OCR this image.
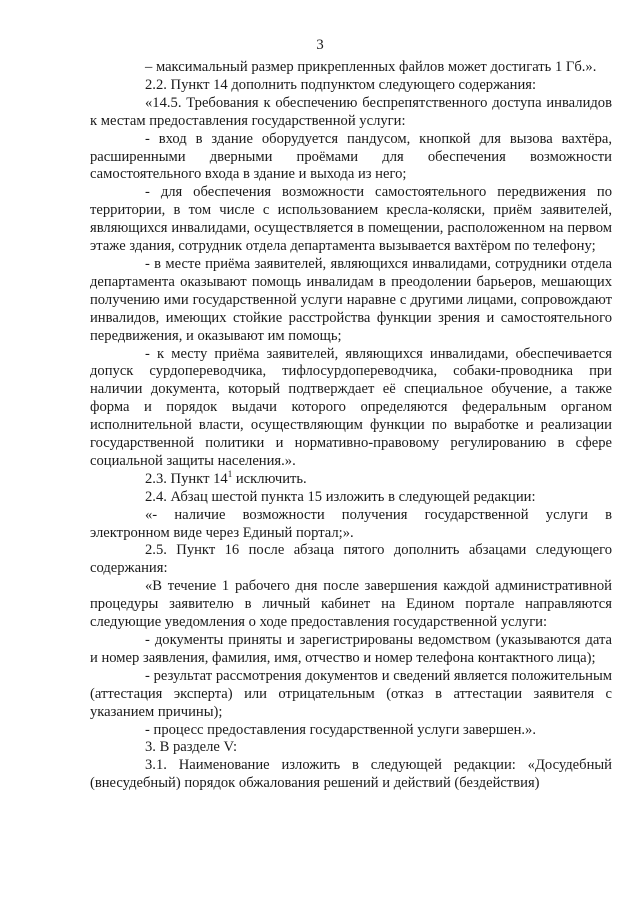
3

– максимальный размер прикрепленных файлов может достигать 1 Гб.».

2.2. Пункт 14 дополнить подпунктом следующего содержания:

«14.5. Требования к обеспечению беспрепятственного доступа инвалидов к местам предоставления государственной услуги:

- вход в здание оборудуется пандусом, кнопкой для вызова вахтёра, расширенными дверными проёмами для обеспечения возможности самостоятельного входа в здание и выхода из него;

- для обеспечения возможности самостоятельного передвижения по территории, в том числе с использованием кресла-коляски, приём заявителей, являющихся инвалидами, осуществляется в помещении, расположенном на первом этаже здания, сотрудник отдела департамента вызывается вахтёром по телефону;

- в месте приёма заявителей, являющихся инвалидами, сотрудники отдела департамента оказывают помощь инвалидам в преодолении барьеров, мешающих получению ими государственной услуги наравне с другими лицами, сопровождают инвалидов, имеющих стойкие расстройства функции зрения и самостоятельного передвижения, и оказывают им помощь;

- к месту приёма заявителей, являющихся инвалидами, обеспечивается допуск сурдопереводчика, тифлосурдопереводчика, собаки-проводника при наличии документа, который подтверждает её специальное обучение, а также форма и порядок выдачи которого определяются федеральным органом исполнительной власти, осуществляющим функции по выработке и реализации государственной политики и нормативно-правовому регулированию в сфере социальной защиты населения.».

2.3. Пункт $14^1$ исключить.

2.4. Абзац шестой пункта 15 изложить в следующей редакции:

«- наличие возможности получения государственной услуги в электронном виде через Единый портал;».

2.5. Пункт 16 после абзаца пятого дополнить абзацами следующего содержания:

«В течение 1 рабочего дня после завершения каждой административной процедуры заявителю в личный кабинет на Едином портале направляются следующие уведомления о ходе предоставления государственной услуги:

- документы приняты и зарегистрированы ведомством (указываются дата и номер заявления, фамилия, имя, отчество и номер телефона контактного лица);

- результат рассмотрения документов и сведений является положительным (аттестация эксперта) или отрицательным (отказ в аттестации заявителя с указанием причины);

- процесс предоставления государственной услуги завершен.».

3. В разделе V:

3.1. Наименование изложить в следующей редакции: «Досудебный (внесудебный) порядок обжалования решений и действий (бездействия)
